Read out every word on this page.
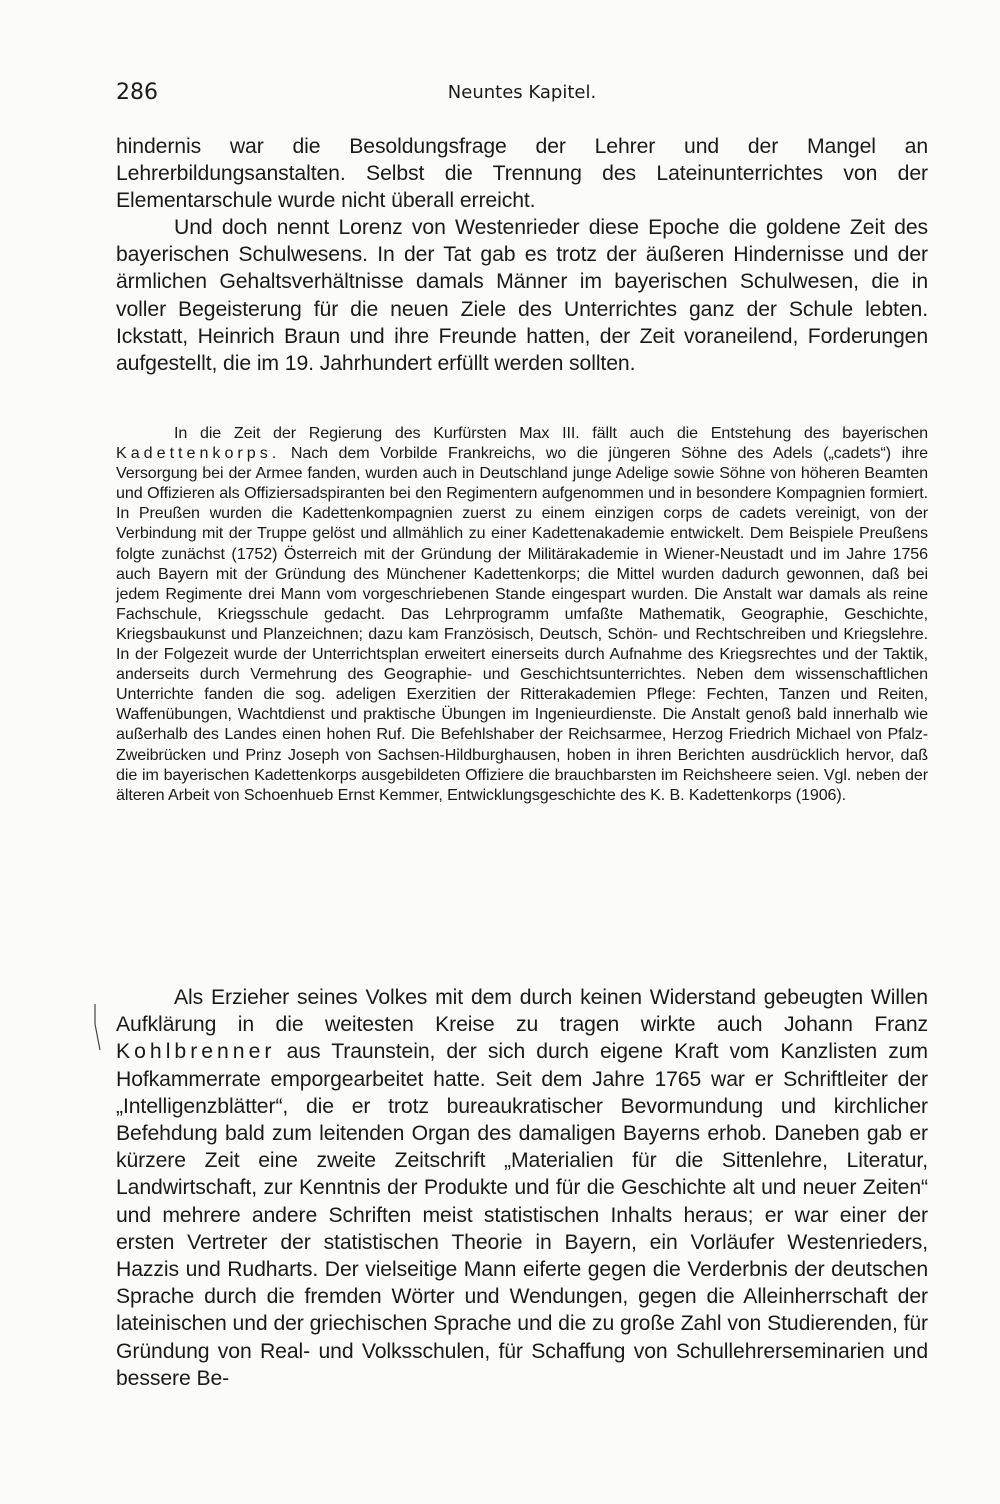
286	Neuntes Kapitel.

hindernis war die Besoldungsfrage der Lehrer und der Mangel an Lehrerbildungsanstalten. Selbst die Trennung des Lateinunterrichtes von der Elementarschule wurde nicht überall erreicht.

Und doch nennt Lorenz von Westenrieder diese Epoche die goldene Zeit des bayerischen Schulwesens. In der Tat gab es trotz der äußeren Hindernisse und der ärmlichen Gehaltsverhältnisse damals Männer im bayerischen Schulwesen, die in voller Begeisterung für die neuen Ziele des Unterrichtes ganz der Schule lebten. Ickstatt, Heinrich Braun und ihre Freunde hatten, der Zeit voraneilend, Forderungen aufgestellt, die im 19. Jahrhundert erfüllt werden sollten.

In die Zeit der Regierung des Kurfürsten Max III. fällt auch die Entstehung des bayerischen Kadettenkorps. Nach dem Vorbilde Frankreichs, wo die jüngeren Söhne des Adels („cadets“) ihre Versorgung bei der Armee fanden, wurden auch in Deutschland junge Adelige sowie Söhne von höheren Beamten und Offizieren als Offiziersadspiranten bei den Regimentern aufgenommen und in besondere Kompagnien formiert. In Preußen wurden die Kadettenkompagnien zuerst zu einem einzigen corps de cadets vereinigt, von der Verbindung mit der Truppe gelöst und allmählich zu einer Kadettenakademie entwickelt. Dem Beispiele Preußens folgte zunächst (1752) Österreich mit der Gründung der Militärakademie in Wiener-Neustadt und im Jahre 1756 auch Bayern mit der Gründung des Münchener Kadettenkorps; die Mittel wurden dadurch gewonnen, daß bei jedem Regimente drei Mann vom vorgeschriebenen Stande eingespart wurden. Die Anstalt war damals als reine Fachschule, Kriegsschule gedacht. Das Lehrprogramm umfaßte Mathematik, Geographie, Geschichte, Kriegsbaukunst und Planzeichnen; dazu kam Französisch, Deutsch, Schön- und Rechtschreiben und Kriegslehre. In der Folgezeit wurde der Unterrichtsplan erweitert einerseits durch Aufnahme des Kriegsrechtes und der Taktik, anderseits durch Vermehrung des Geographie- und Geschichtsunterrichtes. Neben dem wissenschaftlichen Unterrichte fanden die sog. adeligen Exerzitien der Ritterakademien Pflege: Fechten, Tanzen und Reiten, Waffenübungen, Wachtdienst und praktische Übungen im Ingenieurdienste. Die Anstalt genoß bald innerhalb wie außerhalb des Landes einen hohen Ruf. Die Befehlshaber der Reichsarmee, Herzog Friedrich Michael von Pfalz-Zweibrücken und Prinz Joseph von Sachsen-Hildburghausen, hoben in ihren Berichten ausdrücklich hervor, daß die im bayerischen Kadettenkorps ausgebildeten Offiziere die brauchbarsten im Reichsheere seien. Vgl. neben der älteren Arbeit von Schoenhueb Ernst Kemmer, Entwicklungsgeschichte des K. B. Kadettenkorps (1906).

Als Erzieher seines Volkes mit dem durch keinen Widerstand gebeugten Willen Aufklärung in die weitesten Kreise zu tragen wirkte auch Johann Franz Kohlbrenner aus Traunstein, der sich durch eigene Kraft vom Kanzlisten zum Hofkammerrate emporgearbeitet hatte. Seit dem Jahre 1765 war er Schriftleiter der „Intelligenzblätter“, die er trotz bureaukratischer Bevormundung und kirchlicher Befehdung bald zum leitenden Organ des damaligen Bayerns erhob. Daneben gab er kürzere Zeit eine zweite Zeitschrift „Materialien für die Sittenlehre, Literatur, Landwirtschaft, zur Kenntnis der Produkte und für die Geschichte alt und neuer Zeiten“ und mehrere andere Schriften meist statistischen Inhalts heraus; er war einer der ersten Vertreter der statistischen Theorie in Bayern, ein Vorläufer Westenrieders, Hazzis und Rudharts. Der vielseitige Mann eiferte gegen die Verderbnis der deutschen Sprache durch die fremden Wörter und Wendungen, gegen die Alleinherrschaft der lateinischen und der griechischen Sprache und die zu große Zahl von Studierenden, für Gründung von Real- und Volksschulen, für Schaffung von Schullehrerseminarien und bessere Be-
